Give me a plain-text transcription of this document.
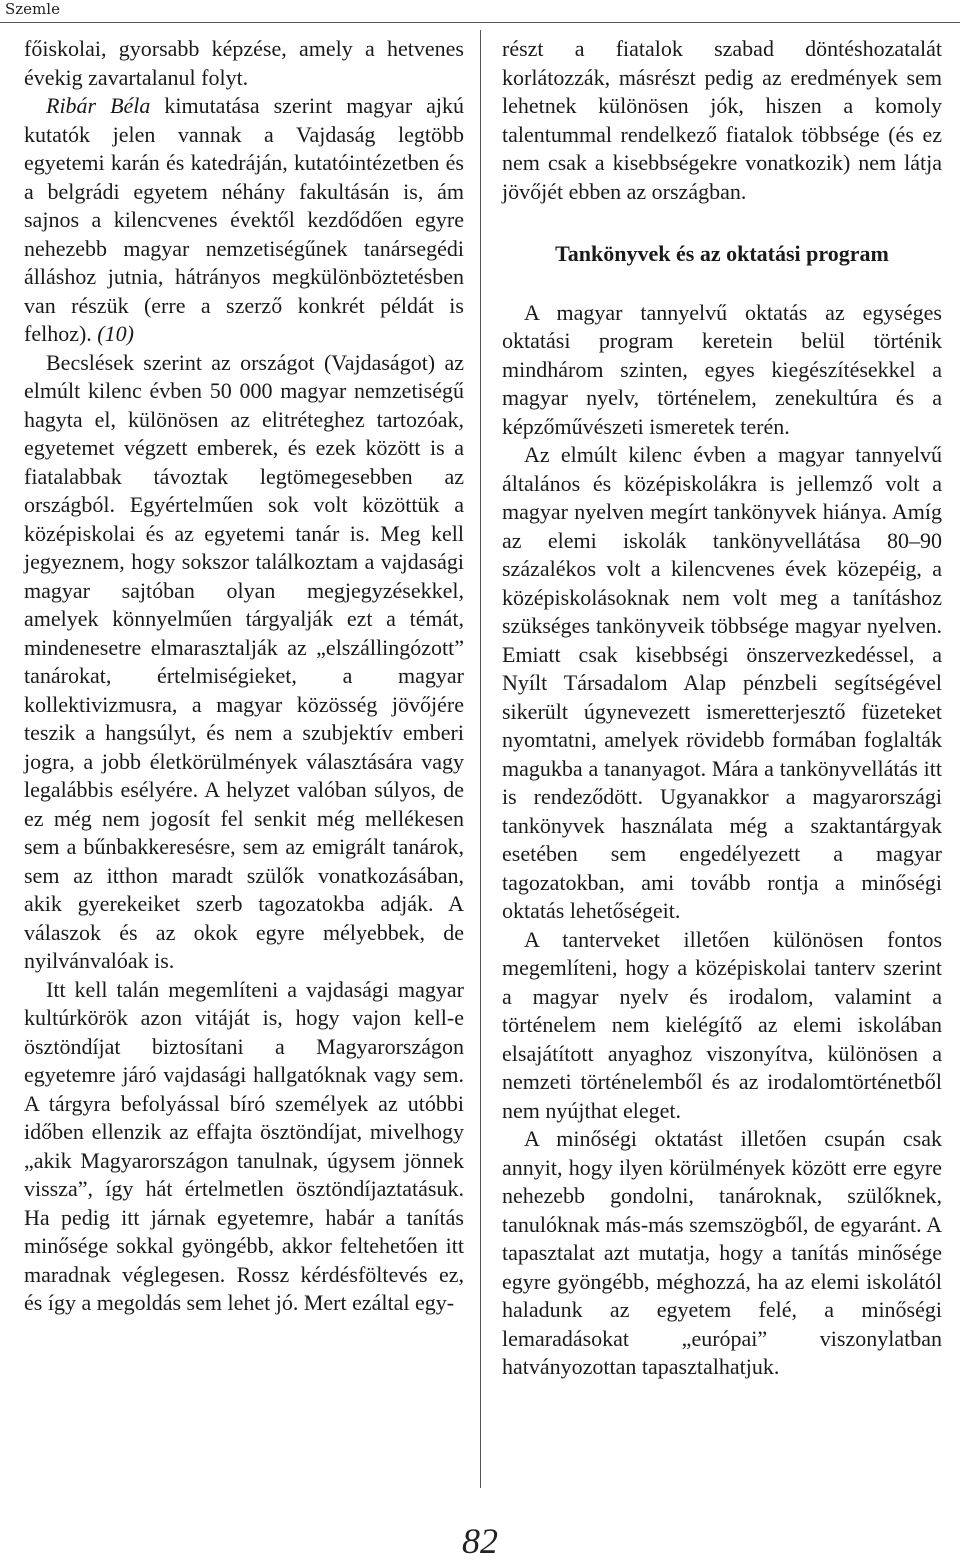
Szemle

főiskolai, gyorsabb képzése, amely a hetvenes évekig zavartalanul folyt.

Ribár Béla kimutatása szerint magyar ajkú kutatók jelen vannak a Vajdaság legtöbb egyetemi karán és katedráján, kutatóintézetben és a belgrádi egyetem néhány fakultásán is, ám sajnos a kilencvenes évektől kezdődően egyre nehezebb magyar nemzetiségűnek tanársegédi álláshoz jutnia, hátrányos megkülönböztetésben van részük (erre a szerző konkrét példát is felhoz). (10)

Becslések szerint az országot (Vajdaságot) az elmúlt kilenc évben 50 000 magyar nemzetiségű hagyta el, különösen az elitréteghez tartozóak, egyetemet végzett emberek, és ezek között is a fiatalabbak távoztak legtömegesebben az országból. Egyértelműen sok volt közöttük a középiskolai és az egyetemi tanár is. Meg kell jegyeznem, hogy sokszor találkoztam a vajdasági magyar sajtóban olyan megjegyzésekkel, amelyek könnyelműen tárgyalják ezt a témát, mindenesetre elmarasztalják az „elszállingózott” tanárokat, értelmiségieket, a magyar kollektivizmusra, a magyar közösség jövőjére teszik a hangsúlyt, és nem a szubjektív emberi jogra, a jobb életkörülmények választására vagy legalábbis esélyére. A helyzet valóban súlyos, de ez még nem jogosít fel senkit még mellékesen sem a bűnbakkeresésre, sem az emigrált tanárok, sem az itthon maradt szülők vonatkozásában, akik gyerekeiket szerb tagozatokba adják. A válaszok és az okok egyre mélyebbek, de nyilvánvalóak is.

Itt kell talán megemlíteni a vajdasági magyar kultúrkörök azon vitáját is, hogy vajon kell-e ösztöndíjat biztosítani a Magyarországon egyetemre járó vajdasági hallgatóknak vagy sem. A tárgyra befolyással bíró személyek az utóbbi időben ellenzik az effajta ösztöndíjat, mivelhogy „akik Magyarországon tanulnak, úgysem jönnek vissza”, így hát értelmetlen ösztöndíjaztatásuk. Ha pedig itt járnak egyetemre, habár a tanítás minősége sokkal gyöngébb, akkor feltehetően itt maradnak véglegesen. Rossz kérdésföltevés ez, és így a megoldás sem lehet jó. Mert ezáltal egy-

részt a fiatalok szabad döntéshozatalát korlátozzák, másrészt pedig az eredmények sem lehetnek különösen jók, hiszen a komoly talentummal rendelkező fiatalok többsége (és ez nem csak a kisebbségekre vonatkozik) nem látja jövőjét ebben az országban.

Tankönyvek és az oktatási program

A magyar tannyelvű oktatás az egységes oktatási program keretein belül történik mindhárom szinten, egyes kiegészítésekkel a magyar nyelv, történelem, zenekultúra és a képzőművészeti ismeretek terén.

Az elmúlt kilenc évben a magyar tannyelvű általános és középiskolákra is jellemző volt a magyar nyelven megírt tankönyvek hiánya. Amíg az elemi iskolák tankönyvellátása 80–90 százalékos volt a kilencvenes évek közepéig, a középiskolásoknak nem volt meg a tanításhoz szükséges tankönyveik többsége magyar nyelven. Emiatt csak kisebbségi önszervezkedéssel, a Nyílt Társadalom Alap pénzbeli segítségével sikerült úgynevezett ismeretterjesztő füzeteket nyomtatni, amelyek rövidebb formában foglalták magukba a tananyagot. Mára a tankönyvellátás itt is rendeződött. Ugyanakkor a magyarországi tankönyvek használata még a szaktantárgyak esetében sem engedélyezett a magyar tagozatokban, ami tovább rontja a minőségi oktatás lehetőségeit.

A tanterveket illetően különösen fontos megemlíteni, hogy a középiskolai tanterv szerint a magyar nyelv és irodalom, valamint a történelem nem kielégítő az elemi iskolában elsajátított anyaghoz viszonyítva, különösen a nemzeti történelemből és az irodalomtörténetből nem nyújthat eleget.

A minőségi oktatást illetően csupán csak annyit, hogy ilyen körülmények között erre egyre nehezebb gondolni, tanároknak, szülőknek, tanulóknak más-más szemszögből, de egyaránt. A tapasztalat azt mutatja, hogy a tanítás minősége egyre gyöngébb, méghozzá, ha az elemi iskolától haladunk az egyetem felé, a minőségi lemaradásokat „európai” viszonylatban hatványozottan tapasztalhatjuk.

82
